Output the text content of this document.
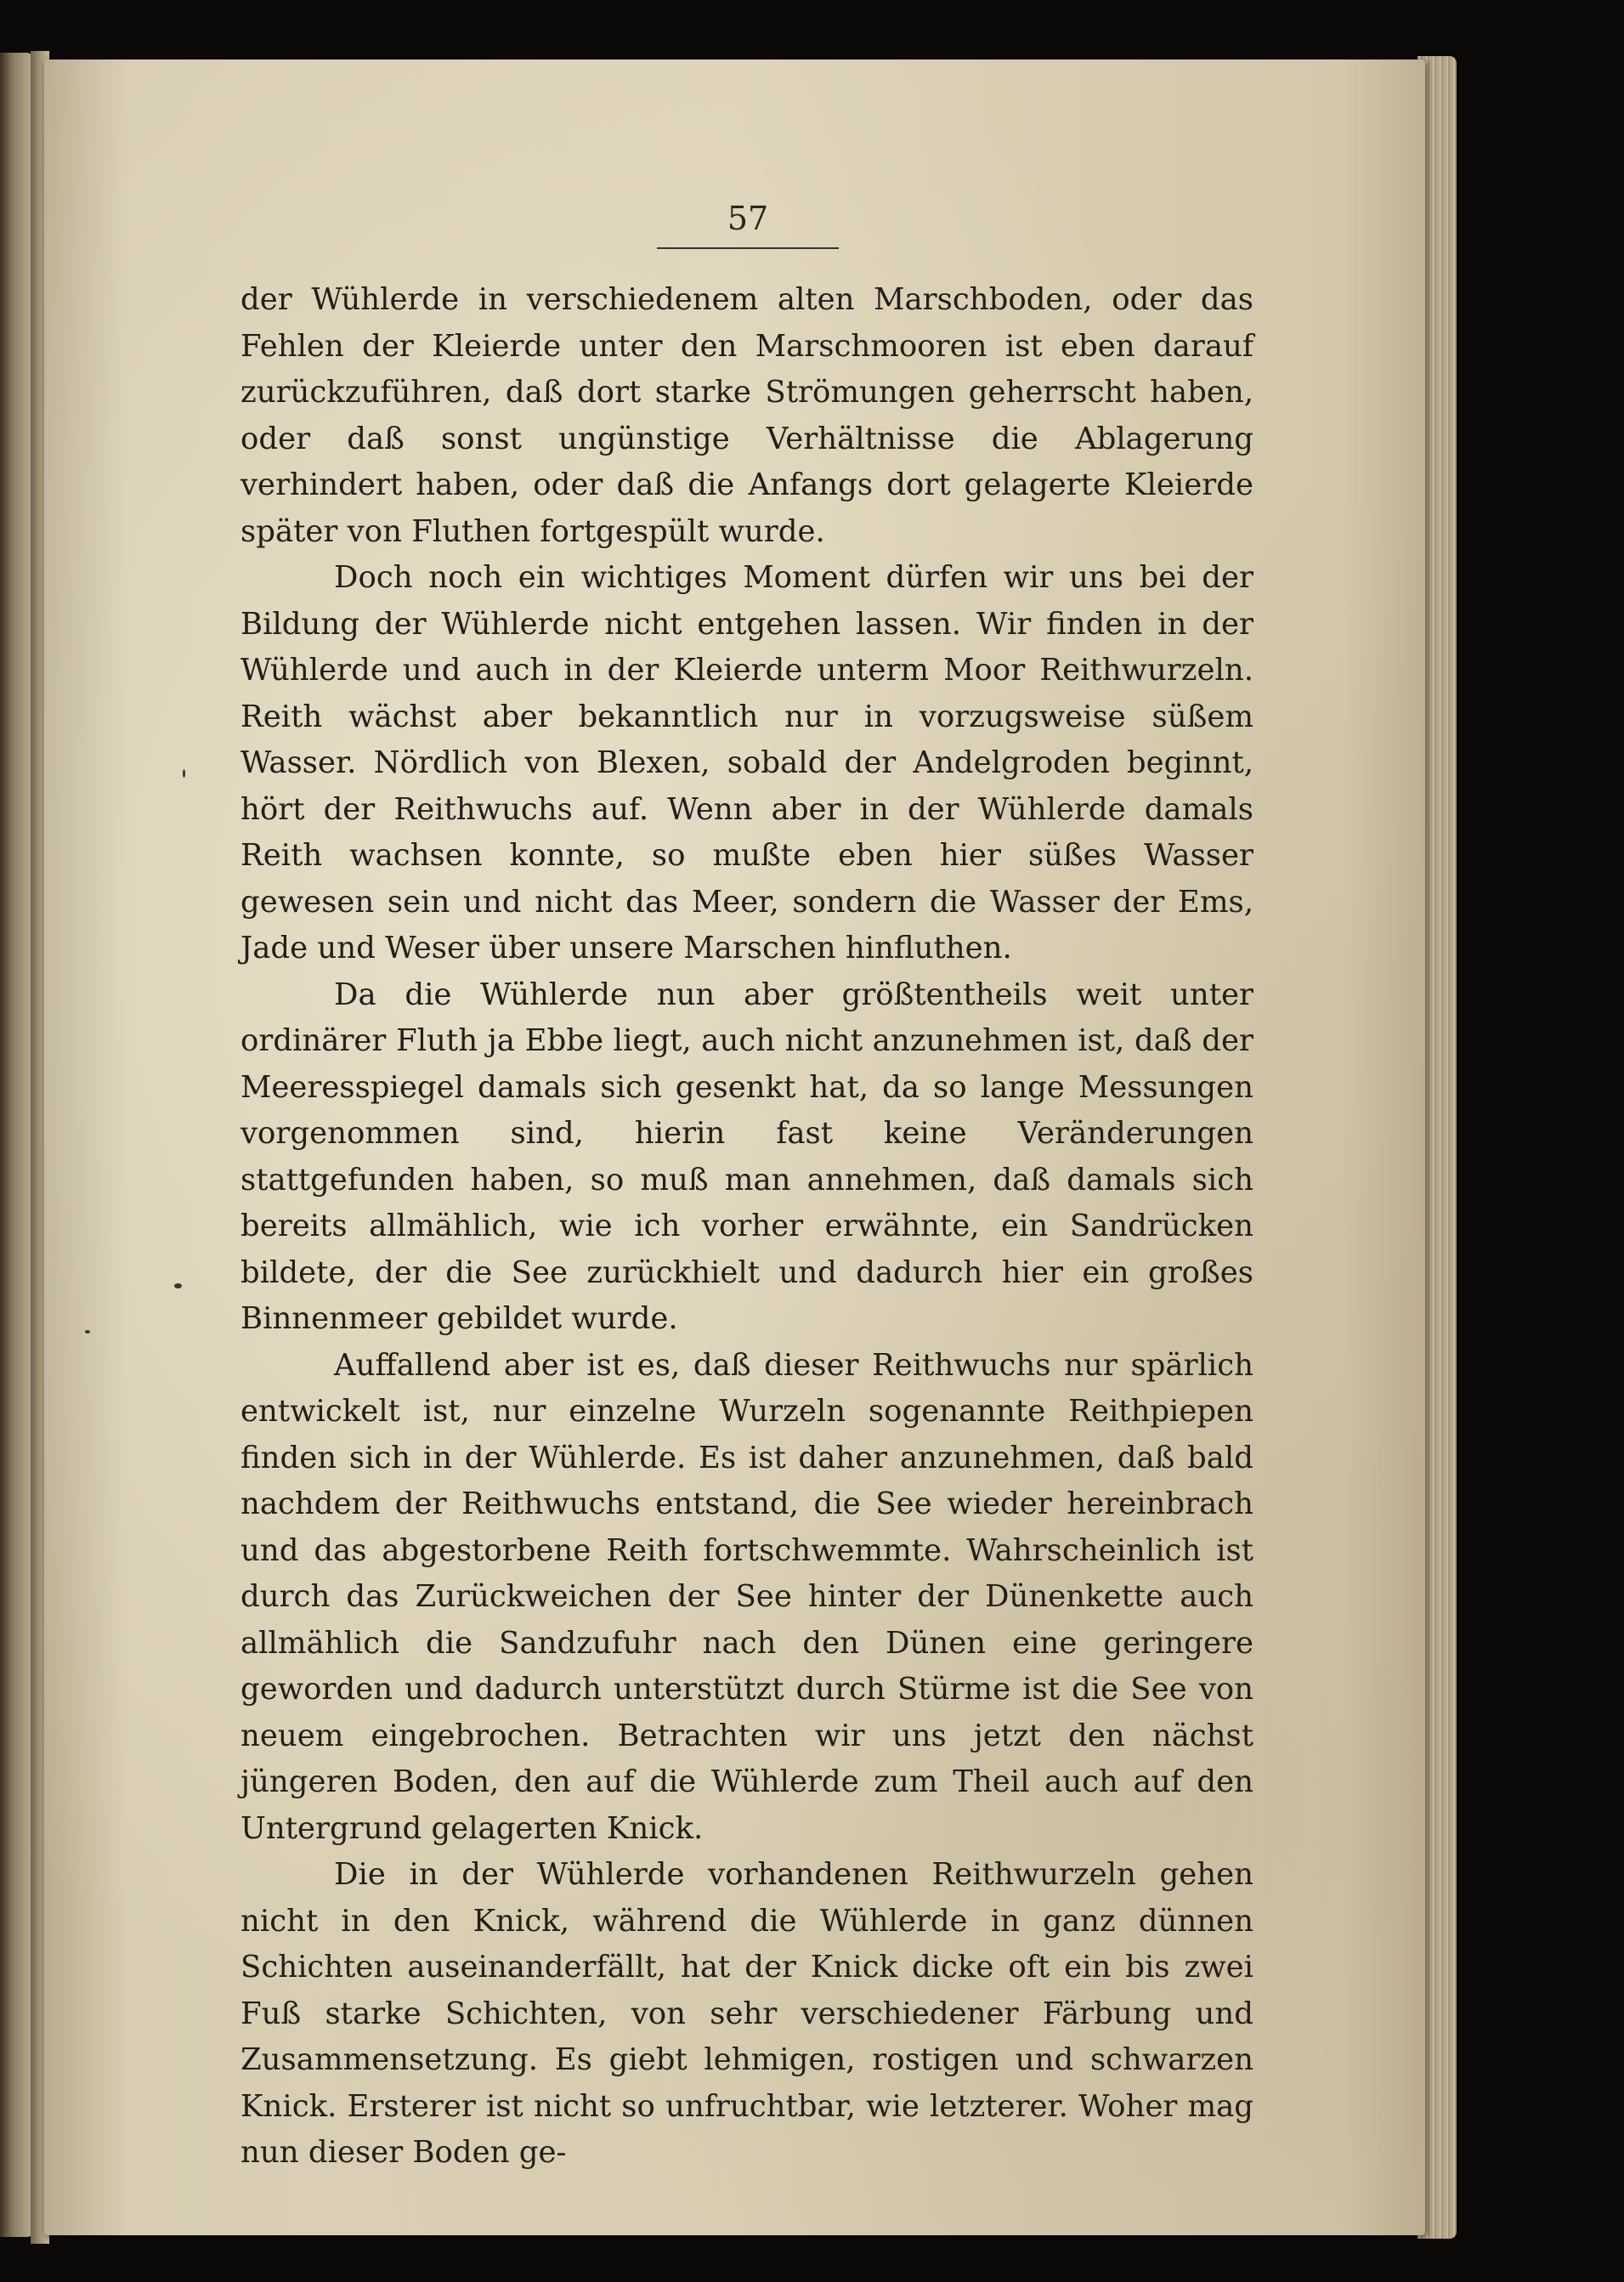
57

der Wühlerde in verschiedenem alten Marschboden, oder das Fehlen der Kleierde unter den Marschmooren ist eben darauf zurückzuführen, daß dort starke Strömungen geherrscht haben, oder daß sonst ungünstige Verhältnisse die Ablagerung verhindert haben, oder daß die Anfangs dort gelagerte Kleierde später von Fluthen fortgespült wurde.

Doch noch ein wichtiges Moment dürfen wir uns bei der Bildung der Wühlerde nicht entgehen lassen. Wir finden in der Wühlerde und auch in der Kleierde unterm Moor Reithwurzeln. Reith wächst aber bekanntlich nur in vorzugsweise süßem Wasser. Nördlich von Blexen, sobald der Andelgroden beginnt, hört der Reithwuchs auf. Wenn aber in der Wühlerde damals Reith wachsen konnte, so mußte eben hier süßes Wasser gewesen sein und nicht das Meer, sondern die Wasser der Ems, Jade und Weser über unsere Marschen hinfluthen.

Da die Wühlerde nun aber größtentheils weit unter ordinärer Fluth ja Ebbe liegt, auch nicht anzunehmen ist, daß der Meeresspiegel damals sich gesenkt hat, da so lange Messungen vorgenommen sind, hierin fast keine Veränderungen stattgefunden haben, so muß man annehmen, daß damals sich bereits allmählich, wie ich vorher erwähnte, ein Sandrücken bildete, der die See zurückhielt und dadurch hier ein großes Binnenmeer gebildet wurde.

Auffallend aber ist es, daß dieser Reithwuchs nur spärlich entwickelt ist, nur einzelne Wurzeln sogenannte Reithpiepen finden sich in der Wühlerde. Es ist daher anzunehmen, daß bald nachdem der Reithwuchs entstand, die See wieder hereinbrach und das abgestorbene Reith fortschwemmte. Wahrscheinlich ist durch das Zurückweichen der See hinter der Dünenkette auch allmählich die Sandzufuhr nach den Dünen eine geringere geworden und dadurch unterstützt durch Stürme ist die See von neuem eingebrochen. Betrachten wir uns jetzt den nächst jüngeren Boden, den auf die Wühlerde zum Theil auch auf den Untergrund gelagerten Knick.

Die in der Wühlerde vorhandenen Reithwurzeln gehen nicht in den Knick, während die Wühlerde in ganz dünnen Schichten auseinanderfällt, hat der Knick dicke oft ein bis zwei Fuß starke Schichten, von sehr verschiedener Färbung und Zusammensetzung. Es giebt lehmigen, rostigen und schwarzen Knick. Ersterer ist nicht so unfruchtbar, wie letzterer. Woher mag nun dieser Boden ge-
